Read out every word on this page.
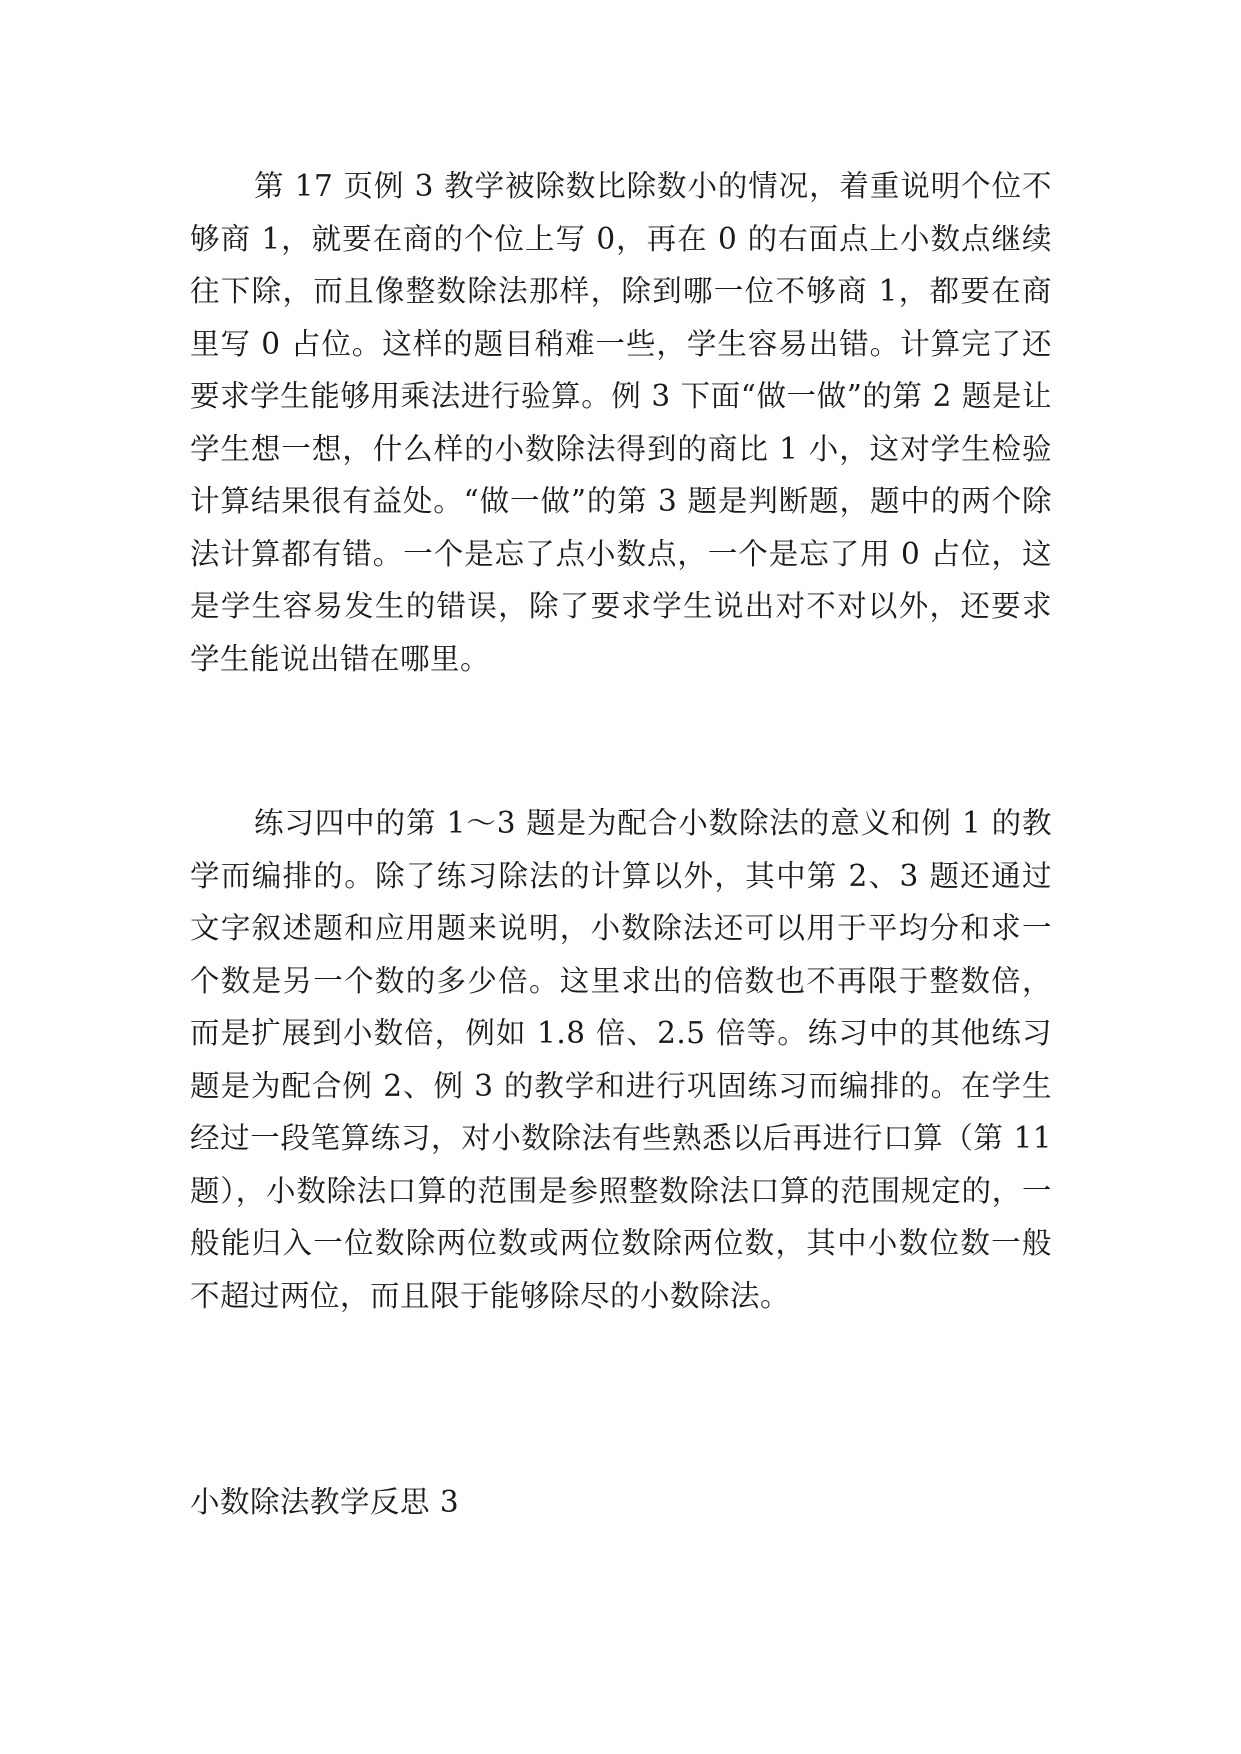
第 17 页例 3 教学被除数比除数小的情况，着重说明个位不够商 1，就要在商的个位上写 0，再在 0 的右面点上小数点继续往下除，而且像整数除法那样，除到哪一位不够商 1，都要在商里写 0 占位。这样的题目稍难一些，学生容易出错。计算完了还要求学生能够用乘法进行验算。例 3 下面“做一做”的第 2 题是让学生想一想，什么样的小数除法得到的商比 1 小，这对学生检验计算结果很有益处。“做一做”的第 3 题是判断题，题中的两个除法计算都有错。一个是忘了点小数点，一个是忘了用 0 占位，这是学生容易发生的错误，除了要求学生说出对不对以外，还要求学生能说出错在哪里。

练习四中的第 1～3 题是为配合小数除法的意义和例 1 的教学而编排的。除了练习除法的计算以外，其中第 2、3 题还通过文字叙述题和应用题来说明，小数除法还可以用于平均分和求一个数是另一个数的多少倍。这里求出的倍数也不再限于整数倍，而是扩展到小数倍，例如 1.8 倍、2.5 倍等。练习中的其他练习题是为配合例 2、例 3 的教学和进行巩固练习而编排的。在学生经过一段笔算练习，对小数除法有些熟悉以后再进行口算（第 11 题），小数除法口算的范围是参照整数除法口算的范围规定的，一般能归入一位数除两位数或两位数除两位数，其中小数位数一般不超过两位，而且限于能够除尽的小数除法。

小数除法教学反思 3
